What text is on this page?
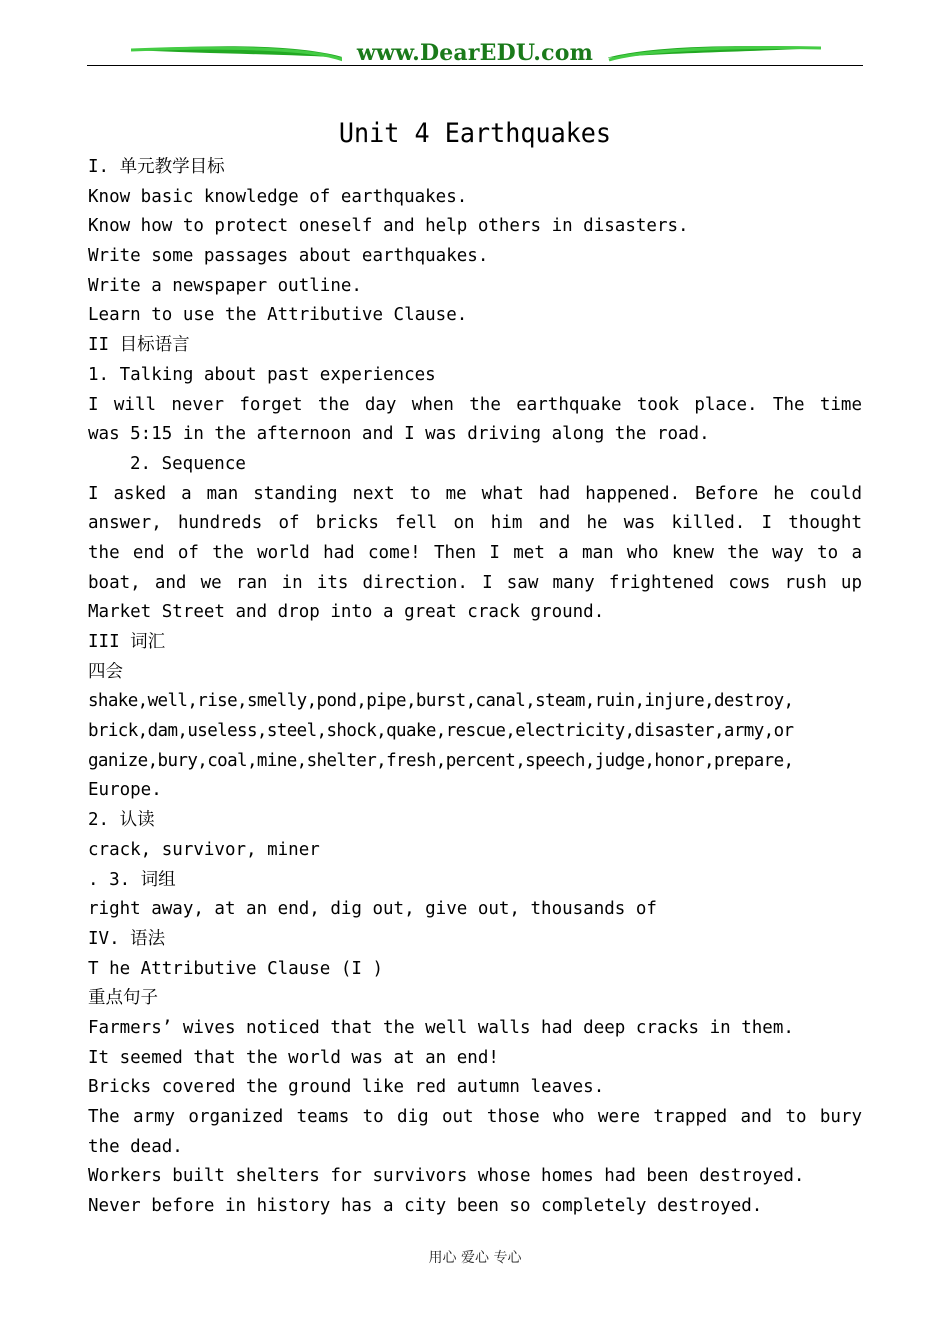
www.DearEDU.com
Unit 4 Earthquakes
I. 单元教学目标
Know basic knowledge of earthquakes.
Know how to protect oneself and help others in disasters.
Write some passages about earthquakes.
Write a newspaper outline.
Learn to use the Attributive Clause.
II 目标语言
1. Talking about past experiences
I will never forget the day when the earthquake took place. The time
was 5:15 in the afternoon and I was driving along the road.
2. Sequence
I asked a man standing next to me what had happened. Before he could
answer, hundreds of bricks fell on him and he was killed. I thought
the end of the world had come! Then I met a man who knew the way to a
boat, and we ran in its direction. I saw many frightened cows rush up
Market Street and drop into a great crack ground.
III 词汇
四会
shake,well,rise,smelly,pond,pipe,burst,canal,steam,ruin,injure,destroy,
brick,dam,useless,steel,shock,quake,rescue,electricity,disaster,army,or
ganize,bury,coal,mine,shelter,fresh,percent,speech,judge,honor,prepare,
Europe.
2. 认读
crack, survivor, miner
. 3. 词组
right away, at an end, dig out, give out, thousands of
IV. 语法
T he Attributive Clause (I )
重点句子
Farmers’ wives noticed that the well walls had deep cracks in them.
It seemed that the world was at an end!
Bricks covered the ground like red autumn leaves.
The army organized teams to dig out those who were trapped and to bury
the dead.
Workers built shelters for survivors whose homes had been destroyed.
Never before in history has a city been so completely destroyed.
用心 爱心 专心
